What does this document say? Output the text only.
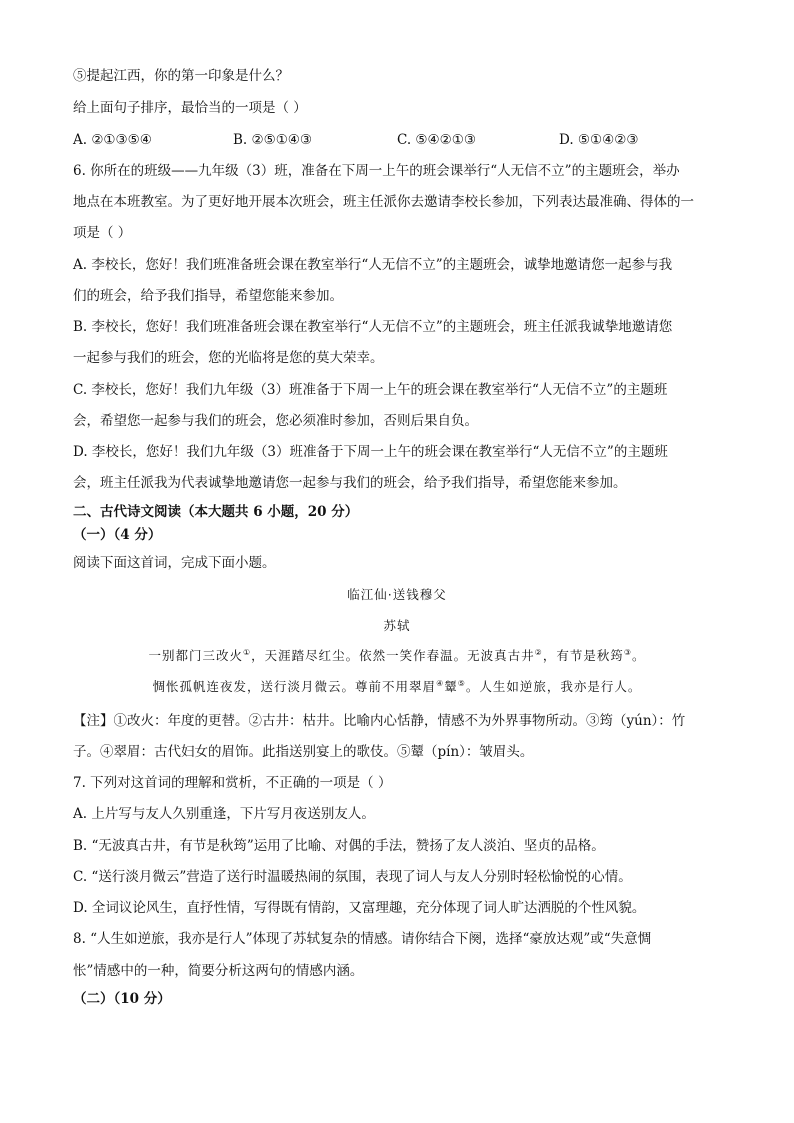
⑤提起江西，你的第一印象是什么？
给上面句子排序，最恰当的一项是（ ）
A. ②①③⑤④	B. ②⑤①④③	C. ⑤④②①③	D. ⑤①④②③
6. 你所在的班级——九年级（3）班，准备在下周一上午的班会课举行“人无信不立”的主题班会，举办
地点在本班教室。为了更好地开展本次班会，班主任派你去邀请李校长参加，下列表达最准确、得体的一
项是（ ）
A. 李校长，您好！我们班准备班会课在教室举行“人无信不立”的主题班会，诚挚地邀请您一起参与我
们的班会，给予我们指导，希望您能来参加。
B. 李校长，您好！我们班准备班会课在教室举行“人无信不立”的主题班会，班主任派我诚挚地邀请您
一起参与我们的班会，您的光临将是您的莫大荣幸。
C. 李校长，您好！我们九年级（3）班准备于下周一上午的班会课在教室举行“人无信不立”的主题班
会，希望您一起参与我们的班会，您必须准时参加，否则后果自负。
D. 李校长，您好！我们九年级（3）班准备于下周一上午的班会课在教室举行“人无信不立”的主题班
会，班主任派我为代表诚挚地邀请您一起参与我们的班会，给予我们指导，希望您能来参加。
二、古代诗文阅读（本大题共 6 小题，20 分）
（一）（4 分）
阅读下面这首词，完成下面小题。
临江仙·送钱穆父
苏轼
一别都门三改火①，天涯踏尽红尘。依然一笑作春温。无波真古井②，有节是秋筠③。
惆怅孤帆连夜发，送行淡月微云。尊前不用翠眉④颦⑤。人生如逆旅，我亦是行人。
【注】①改火：年度的更替。②古井：枯井。比喻内心恬静，情感不为外界事物所动。③筠（yún）：竹
子。④翠眉：古代妇女的眉饰。此指送别宴上的歌伎。⑤颦（pín）：皱眉头。
7. 下列对这首词的理解和赏析，不正确的一项是（ ）
A. 上片写与友人久别重逢，下片写月夜送别友人。
B. “无波真古井，有节是秋筠”运用了比喻、对偶的手法，赞扬了友人淡泊、坚贞的品格。
C. “送行淡月微云”营造了送行时温暖热闹的氛围，表现了词人与友人分别时轻松愉悦的心情。
D. 全词议论风生，直抒性情，写得既有情韵，又富理趣，充分体现了词人旷达洒脱的个性风貌。
8. “人生如逆旅，我亦是行人”体现了苏轼复杂的情感。请你结合下阕，选择“豪放达观”或“失意惆
怅”情感中的一种，简要分析这两句的情感内涵。
（二）（10 分）
